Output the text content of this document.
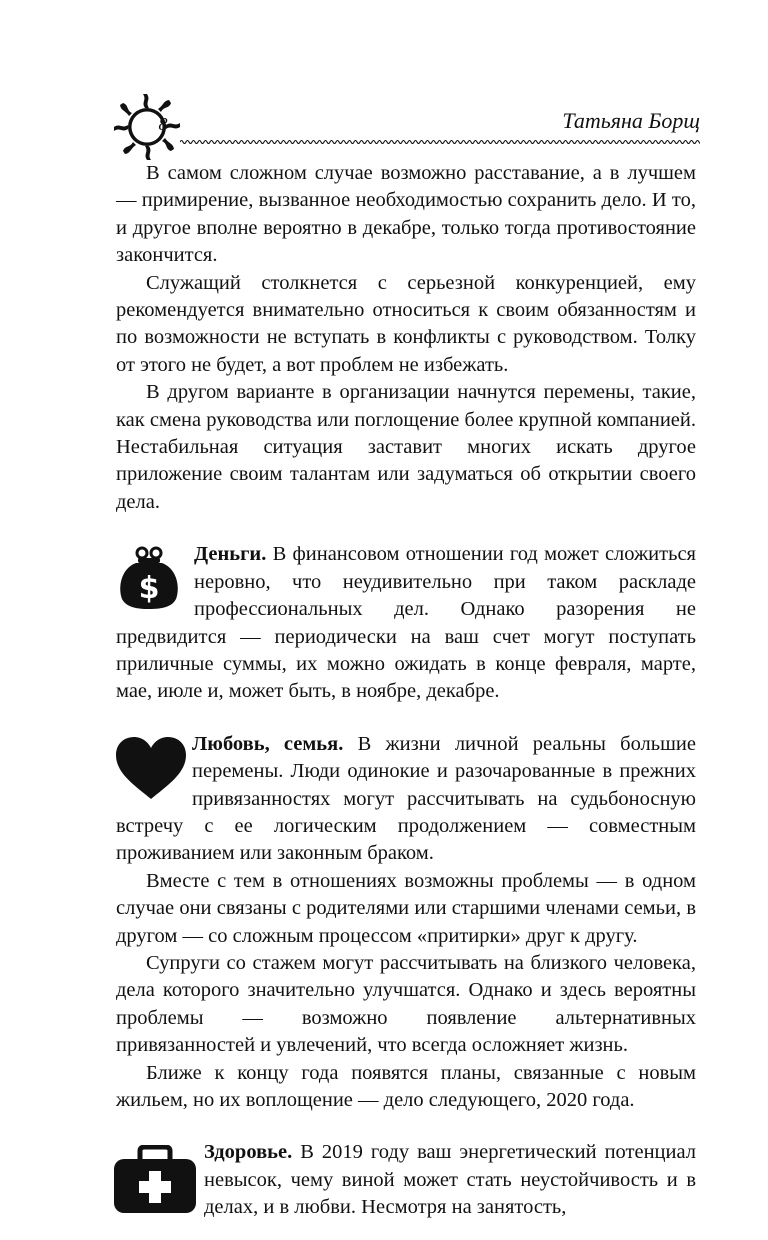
8	Татьяна Борщ

В самом сложном случае возможно расставание, а в лучшем — примирение, вызванное необходимостью сохранить дело. И то, и другое вполне вероятно в декабре, только тогда противостояние закончится.

Служащий столкнется с серьезной конкуренцией, ему рекомендуется внимательно относиться к своим обязанностям и по возможности не вступать в конфликты с руководством. Толку от этого не будет, а вот проблем не избежать.

В другом варианте в организации начнутся перемены, такие, как смена руководства или поглощение более крупной компанией. Нестабильная ситуация заставит многих искать другое приложение своим талантам или задуматься об открытии своего дела.

$

Деньги. В финансовом отношении год может сложиться неровно, что неудивительно при таком раскладе профессиональных дел. Однако разорения не предвидится — периодически на ваш счет могут поступать приличные суммы, их можно ожидать в конце февраля, марте, мае, июле и, может быть, в ноябре, декабре.

Любовь, семья. В жизни личной реальны большие перемены. Люди одинокие и разочарованные в прежних привязанностях могут рассчитывать на судьбоносную встречу с ее логическим продолжением — совместным проживанием или законным браком.

Вместе с тем в отношениях возможны проблемы — в одном случае они связаны с родителями или старшими членами семьи, в другом — со сложным процессом «притирки» друг к другу.

Супруги со стажем могут рассчитывать на близкого человека, дела которого значительно улучшатся. Однако и здесь вероятны проблемы — возможно появление альтернативных привязанностей и увлечений, что всегда осложняет жизнь.

Ближе к концу года появятся планы, связанные с новым жильем, но их воплощение — дело следующего, 2020 года.

Здоровье. В 2019 году ваш энергетический потенциал невысок, чему виной может стать неустойчивость и в делах, и в любви. Несмотря на занятость,
